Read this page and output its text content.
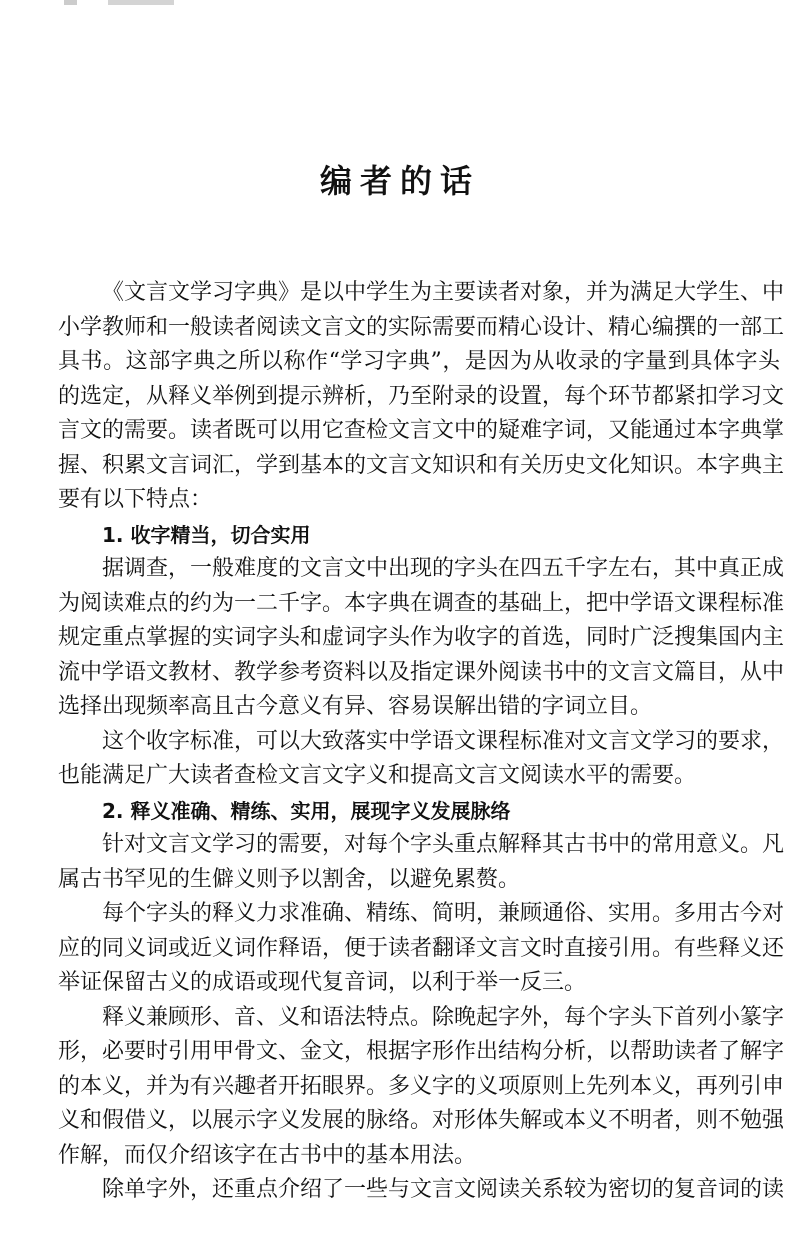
编者的话
《文言文学习字典》是以中学生为主要读者对象，并为满足大学生、中
小学教师和一般读者阅读文言文的实际需要而精心设计、精心编撰的一部工
具书。这部字典之所以称作“学习字典”，是因为从收录的字量到具体字头
的选定，从释义举例到提示辨析，乃至附录的设置，每个环节都紧扣学习文
言文的需要。读者既可以用它查检文言文中的疑难字词，又能通过本字典掌
握、积累文言词汇，学到基本的文言文知识和有关历史文化知识。本字典主
要有以下特点：
1. 收字精当，切合实用
据调查，一般难度的文言文中出现的字头在四五千字左右，其中真正成
为阅读难点的约为一二千字。本字典在调查的基础上，把中学语文课程标准
规定重点掌握的实词字头和虚词字头作为收字的首选，同时广泛搜集国内主
流中学语文教材、教学参考资料以及指定课外阅读书中的文言文篇目，从中
选择出现频率高且古今意义有异、容易误解出错的字词立目。
这个收字标准，可以大致落实中学语文课程标准对文言文学习的要求，
也能满足广大读者查检文言文字义和提高文言文阅读水平的需要。
2. 释义准确、精练、实用，展现字义发展脉络
针对文言文学习的需要，对每个字头重点解释其古书中的常用意义。凡
属古书罕见的生僻义则予以割舍，以避免累赘。
每个字头的释义力求准确、精练、简明，兼顾通俗、实用。多用古今对
应的同义词或近义词作释语，便于读者翻译文言文时直接引用。有些释义还
举证保留古义的成语或现代复音词，以利于举一反三。
释义兼顾形、音、义和语法特点。除晚起字外，每个字头下首列小篆字
形，必要时引用甲骨文、金文，根据字形作出结构分析，以帮助读者了解字
的本义，并为有兴趣者开拓眼界。多义字的义项原则上先列本义，再列引申
义和假借义，以展示字义发展的脉络。对形体失解或本义不明者，则不勉强
作解，而仅介绍该字在古书中的基本用法。
除单字外，还重点介绍了一些与文言文阅读关系较为密切的复音词的读
